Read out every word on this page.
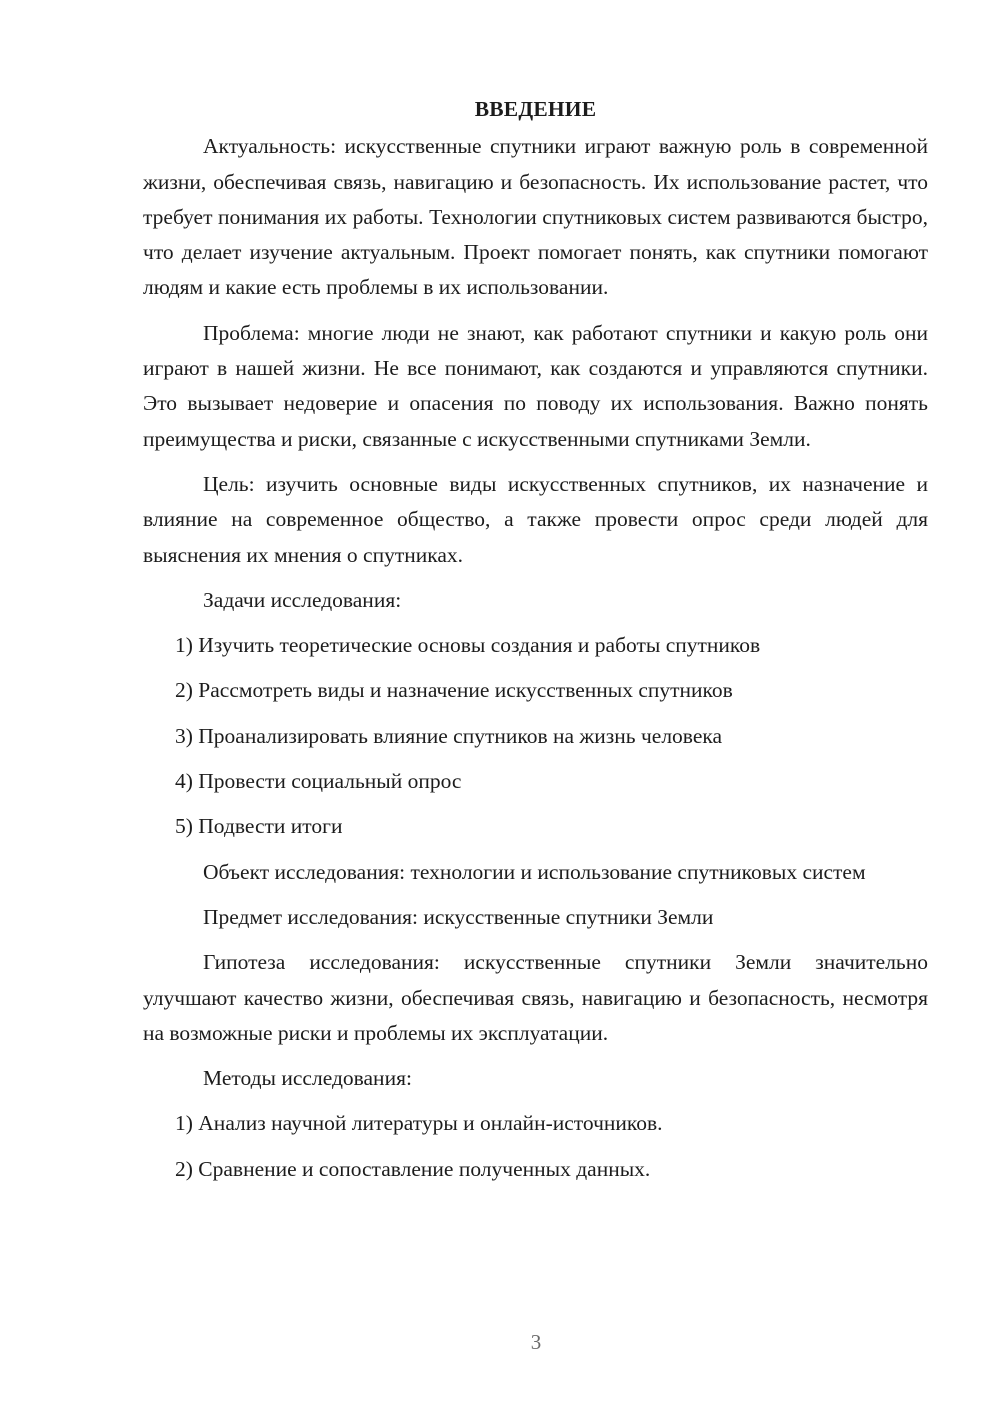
ВВЕДЕНИЕ

Актуальность: искусственные спутники играют важную роль в современной жизни, обеспечивая связь, навигацию и безопасность. Их использование растет, что требует понимания их работы. Технологии спутниковых систем развиваются быстро, что делает изучение актуальным. Проект помогает понять, как спутники помогают людям и какие есть проблемы в их использовании.

Проблема: многие люди не знают, как работают спутники и какую роль они играют в нашей жизни. Не все понимают, как создаются и управляются спутники. Это вызывает недоверие и опасения по поводу их использования. Важно понять преимущества и риски, связанные с искусственными спутниками Земли.

Цель: изучить основные виды искусственных спутников, их назначение и влияние на современное общество, а также провести опрос среди людей для выяснения их мнения о спутниках.

Задачи исследования:

1) Изучить теоретические основы создания и работы спутников

2) Рассмотреть виды и назначение искусственных спутников

3) Проанализировать влияние спутников на жизнь человека

4) Провести социальный опрос

5) Подвести итоги

Объект исследования: технологии и использование спутниковых систем

Предмет исследования: искусственные спутники Земли

Гипотеза исследования: искусственные спутники Земли значительно улучшают качество жизни, обеспечивая связь, навигацию и безопасность, несмотря на возможные риски и проблемы их эксплуатации.

Методы исследования:

1) Анализ научной литературы и онлайн-источников.

2) Сравнение и сопоставление полученных данных.

3
